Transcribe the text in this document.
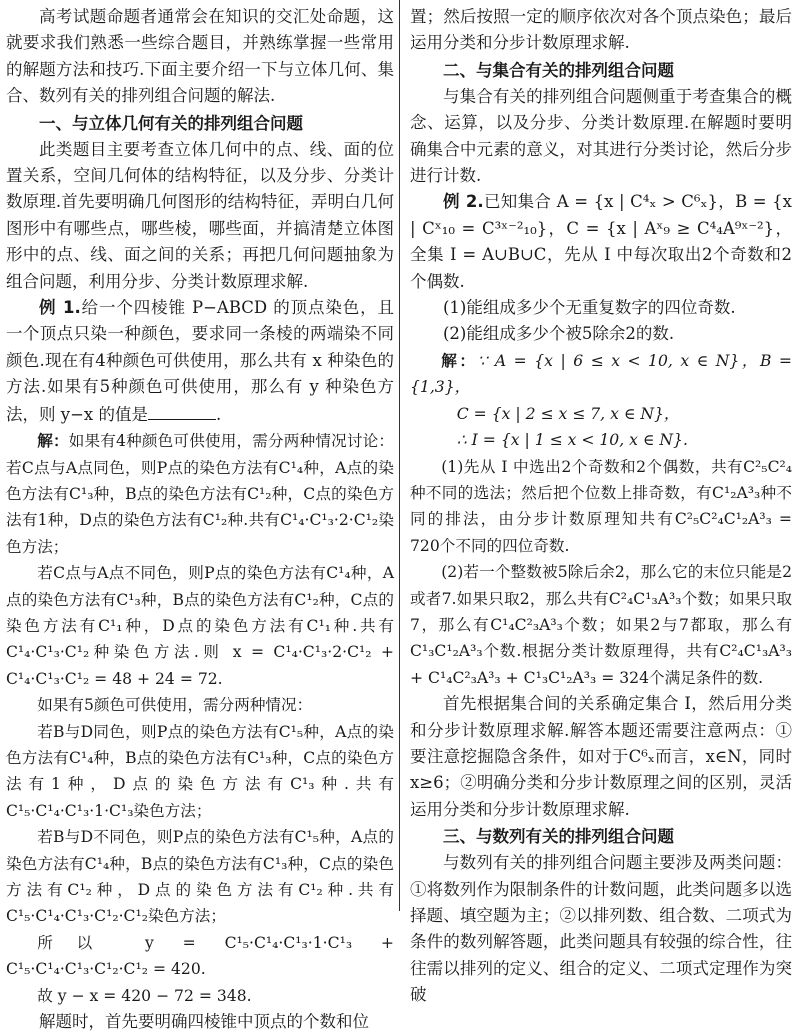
高考试题命题者通常会在知识的交汇处命题，这就要求我们熟悉一些综合题目，并熟练掌握一些常用的解题方法和技巧.下面主要介绍一下与立体几何、集合、数列有关的排列组合问题的解法.

一、与立体几何有关的排列组合问题

此类题目主要考查立体几何中的点、线、面的位置关系，空间几何体的结构特征，以及分步、分类计数原理.首先要明确几何图形的结构特征，弄明白几何图形中有哪些点，哪些棱，哪些面，并搞清楚立体图形中的点、线、面之间的关系；再把几何问题抽象为组合问题，利用分步、分类计数原理求解.

例 1.给一个四棱锥 P−ABCD 的顶点染色，且一个顶点只染一种颜色，要求同一条棱的两端染不同颜色.现在有4种颜色可供使用，那么共有 x 种染色的方法.如果有5种颜色可供使用，那么有 y 种染色方法，则 y−x 的值是	.

解：如果有4种颜色可供使用，需分两种情况讨论：若C点与A点同色，则P点的染色方法有C¹₄种，A点的染色方法有C¹₃种，B点的染色方法有C¹₂种，C点的染色方法有1种，D点的染色方法有C¹₂种.共有C¹₄·C¹₃·2·C¹₂染色方法；

若C点与A点不同色，则P点的染色方法有C¹₄种，A点的染色方法有C¹₃种，B点的染色方法有C¹₂种，C点的染色方法有C¹₁种，D点的染色方法有C¹₁种.共有C¹₄·C¹₃·C¹₂种染色方法.则 x = C¹₄·C¹₃·2·C¹₂ + C¹₄·C¹₃·C¹₂ = 48 + 24 = 72.

如果有5颜色可供使用，需分两种情况：

若B与D同色，则P点的染色方法有C¹₅种，A点的染色方法有C¹₄种，B点的染色方法有C¹₃种，C点的染色方法有1种，D点的染色方法有C¹₃种.共有C¹₅·C¹₄·C¹₃·1·C¹₃染色方法；

若B与D不同色，则P点的染色方法有C¹₅种，A点的染色方法有C¹₄种，B点的染色方法有C¹₃种，C点的染色方法有C¹₂种，D点的染色方法有C¹₂种.共有C¹₅·C¹₄·C¹₃·C¹₂·C¹₂染色方法；

所以 y = C¹₅·C¹₄·C¹₃·1·C¹₃ + C¹₅·C¹₄·C¹₃·C¹₂·C¹₂ = 420.

故 y − x = 420 − 72 = 348.

解题时，首先要明确四棱锥中顶点的个数和位

置；然后按照一定的顺序依次对各个顶点染色；最后运用分类和分步计数原理求解.

二、与集合有关的排列组合问题

与集合有关的排列组合问题侧重于考查集合的概念、运算，以及分步、分类计数原理.在解题时要明确集合中元素的意义，对其进行分类讨论，然后分步进行计数.

例 2.已知集合 A = {x | C⁴ₓ > C⁶ₓ}，B = {x | Cˣ₁₀ = C³ˣ⁻²₁₀}，C = {x | Aˣ₉ ≥ C⁴₄A⁹ˣ⁻²}，全集 I = A∪B∪C，先从 I 中每次取出2个奇数和2个偶数.

(1)能组成多少个无重复数字的四位奇数.

(2)能组成多少个被5除余2的数.

解：∵ A = {x | 6 ≤ x < 10, x ∈ N}，B = {1,3}，

C = {x | 2 ≤ x ≤ 7, x ∈ N}，

∴ I = {x | 1 ≤ x < 10, x ∈ N}.

(1)先从 I 中选出2个奇数和2个偶数，共有C²₅C²₄种不同的选法；然后把个位数上排奇数，有C¹₂A³₃种不同的排法，由分步计数原理知共有C²₅C²₄C¹₂A³₃ = 720个不同的四位奇数.

(2)若一个整数被5除后余2，那么它的末位只能是2或者7.如果只取2，那么共有C²₄C¹₃A³₃个数；如果只取7，那么有C¹₄C²₃A³₃个数；如果2与7都取，那么有C¹₃C¹₂A³₃个数.根据分类计数原理得，共有C²₄C¹₃A³₃ + C¹₄C²₃A³₃ + C¹₃C¹₂A³₃ = 324个满足条件的数.

首先根据集合间的关系确定集合 I，然后用分类和分步计数原理求解.解答本题还需要注意两点：①要注意挖掘隐含条件，如对于C⁶ₓ而言，x∈N，同时x≥6；②明确分类和分步计数原理之间的区别，灵活运用分类和分步计数原理求解.

三、与数列有关的排列组合问题

与数列有关的排列组合问题主要涉及两类问题：①将数列作为限制条件的计数问题，此类问题多以选择题、填空题为主；②以排列数、组合数、二项式为条件的数列解答题，此类问题具有较强的综合性，往往需以排列的定义、组合的定义、二项式定理作为突破
